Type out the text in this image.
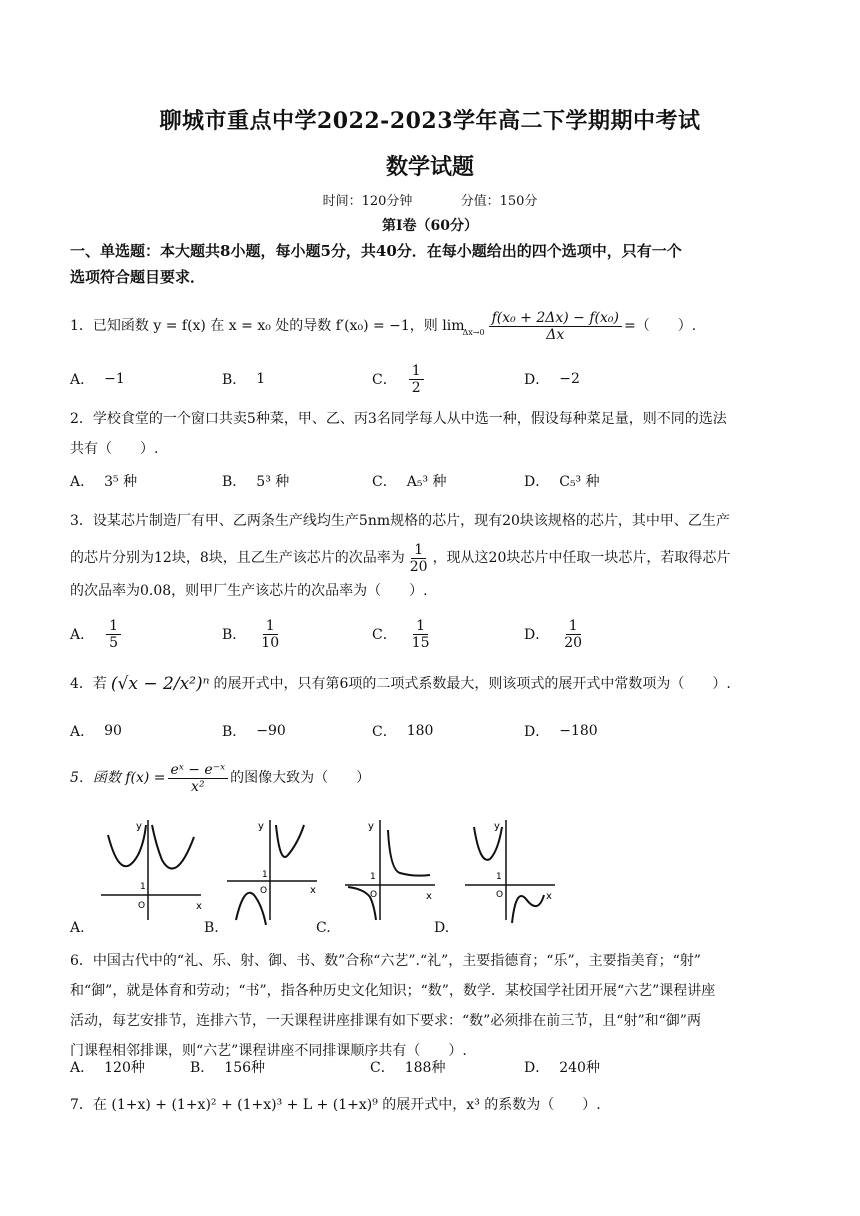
聊城市重点中学2022-2023学年高二下学期期中考试
数学试题
时间：120分钟	分值：150分
第Ⅰ卷（60分）
一、单选题：本大题共8小题，每小题5分，共40分．在每小题给出的四个选项中，只有一个
选项符合题目要求．
1．已知函数 y = f(x) 在 x = x₀ 处的导数 f′(x₀) = −1，则 lim
$\Delta x\to 0 \frac{\text{f(x₀ + 2Δx) − f(x₀)}}{\Delta x}$ =（　　）.
A． −1	B． 1	C． $\frac{1}{2}$	D． −2
2．学校食堂的一个窗口共卖5种菜，甲、乙、丙3名同学每人从中选一种，假设每种菜足量，则不同的选法
共有（　　）.
A． 3⁵ 种	B． 5³ 种	C． A₅³ 种	D． C₅³ 种
3．设某芯片制造厂有甲、乙两条生产线均生产5nm规格的芯片，现有20块该规格的芯片，其中甲、乙生产
的芯片分别为12块，8块，且乙生产该芯片的次品率为 $\frac{1}{20}$ ，现从这20块芯片中任取一块芯片，若取得芯片
的次品率为0.08，则甲厂生产该芯片的次品率为（　　）.
A． $\frac{1}{5}$	B． $\frac{1}{10}$	C． $\frac{1}{15}$	D． $\frac{1}{20}$
4．若 (√x − 2/x²)ⁿ 的展开式中，只有第6项的二项式系数最大，则该项式的展开式中常数项为（　　）.
A． 90	B． −90	C． 180	D． −180
5．函数 $f(x) = \frac{\text{eˣ − e⁻ˣ}}{\text{x²}}$ 的图像大致为（　　）
y
x
1
O
y
x
1
O
y
x
1
O
y
x
1
O
A.	B.	C.	D.
6．中国古代中的“礼、乐、射、御、书、数”合称“六艺”.“礼”，主要指德育；“乐”，主要指美育；“射”
和“御”，就是体育和劳动；“书”，指各种历史文化知识；“数”，数学．某校国学社团开展“六艺”课程讲座
活动，每艺安排节，连排六节，一天课程讲座排课有如下要求：“数”必须排在前三节，且“射”和“御”两
门课程相邻排课，则“六艺”课程讲座不同排课顺序共有（　　）.
A． 120种	B． 156种	C． 188种	D． 240种
7．在 (1+x) + (1+x)² + (1+x)³ + L + (1+x)⁹ 的展开式中，x³ 的系数为（　　）.
